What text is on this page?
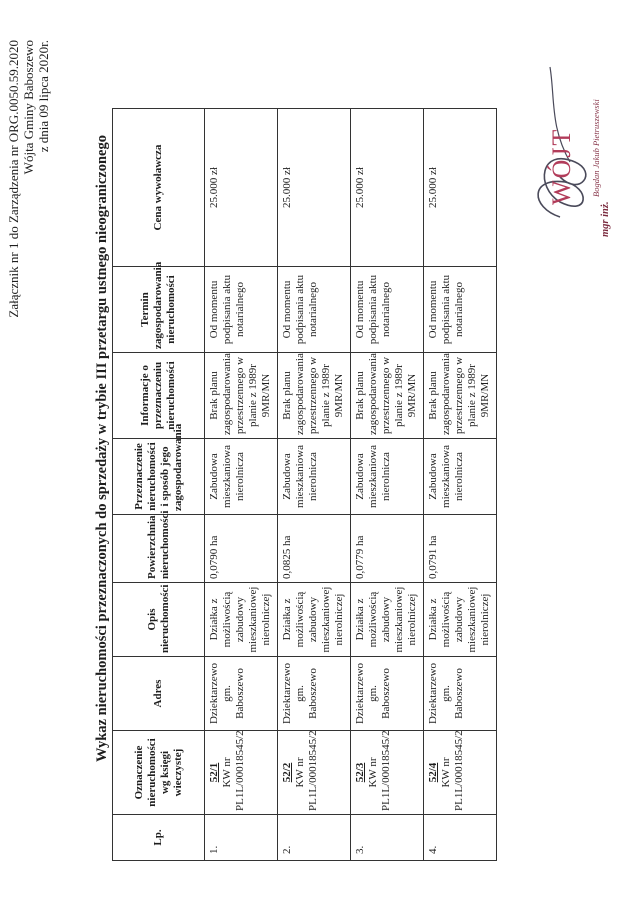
Załącznik nr 1 do Zarządzenia nr ORG.0050.59.2020 Wójta Gminy Baboszewo z dnia 09 lipca 2020r.
Wykaz nieruchomości przeznaczonych do sprzedaży w trybie III przetargu ustnego nieograniczonego
Lp.	Oznaczenie nieruchomości wg księgi wieczystej	Adres	Opis nieruchomości	Powierzchnia nieruchomości	Przeznaczenie nieruchomości i sposób jego zagospodarowania	Informacje o przeznaczeniu nieruchomości	Termin zagospodarowania nieruchomości	Cena wywoławcza
1.	52/1 KW nr PL1L/00018545/2	Dziektarzewo gm. Baboszewo	Działka z możliwością zabudowy mieszkaniowej nierolniczej	0,0790 ha	Zabudowa mieszkaniowa nierolnicza	Brak planu zagospodarowania przestrzennego w planie z 1989r 9MR/MN	Od momentu podpisania aktu notarialnego	25.000 zł
2.	52/2 KW nr PL1L/00018545/2	Dziektarzewo gm. Baboszewo	Działka z możliwością zabudowy mieszkaniowej nierolniczej	0,0825 ha	Zabudowa mieszkaniowa nierolnicza	Brak planu zagospodarowania przestrzennego w planie z 1989r 9MR/MN	Od momentu podpisania aktu notarialnego	25.000 zł
3.	52/3 KW nr PL1L/00018545/2	Dziektarzewo gm. Baboszewo	Działka z możliwością zabudowy mieszkaniowej nierolniczej	0,0779 ha	Zabudowa mieszkaniowa nierolnicza	Brak planu zagospodarowania przestrzennego w planie z 1989r 9MR/MN	Od momentu podpisania aktu notarialnego	25.000 zł
4.	52/4 KW nr PL1L/00018545/2	Dziektarzewo gm. Baboszewo	Działka z możliwością zabudowy mieszkaniowej nierolniczej	0,0791 ha	Zabudowa mieszkaniowa nierolnicza	Brak planu zagospodarowania przestrzennego w planie z 1989r 9MR/MN	Od momentu podpisania aktu notarialnego	25.000 zł	WÓJT
mgr inż.
Bogdan Jakub Pietruszewski
